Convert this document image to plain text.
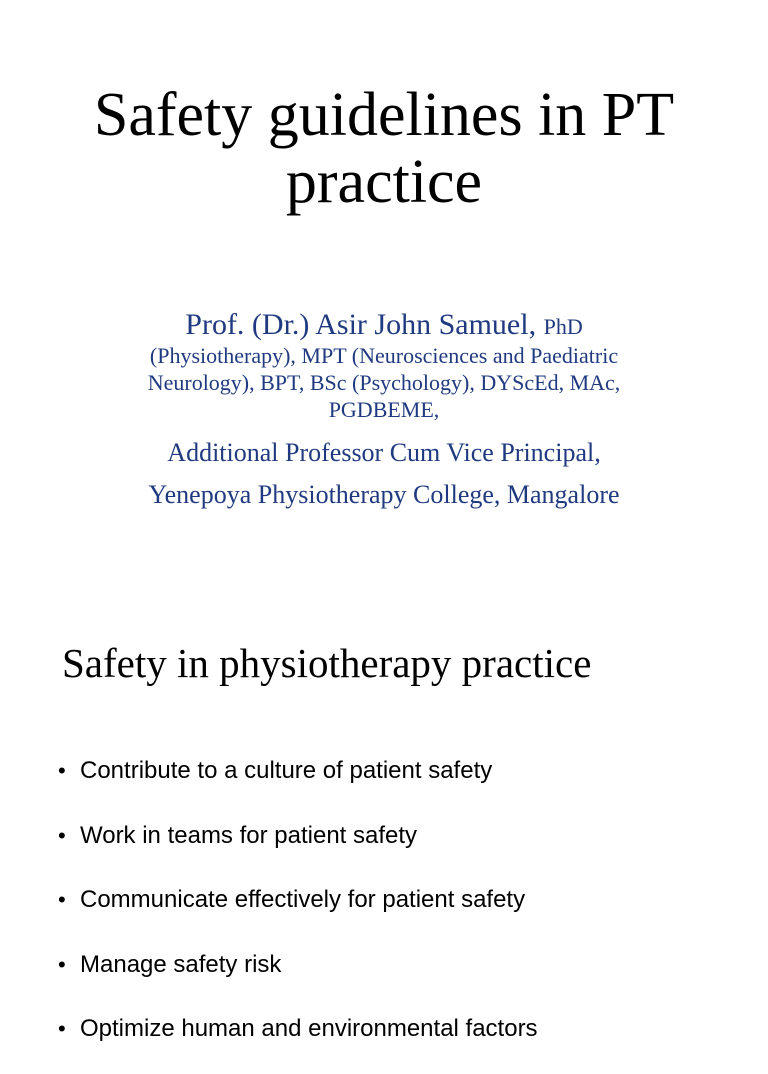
Safety guidelines in PT practice
Prof. (Dr.) Asir John Samuel, PhD
(Physiotherapy), MPT (Neurosciences and Paediatric Neurology), BPT, BSc (Psychology), DYScEd, MAc, PGDBEME,
Additional Professor Cum Vice Principal,
Yenepoya Physiotherapy College, Mangalore
Safety in physiotherapy practice
• Contribute to a culture of patient safety
• Work in teams for patient safety
• Communicate effectively for patient safety
• Manage safety risk
• Optimize human and environmental factors
